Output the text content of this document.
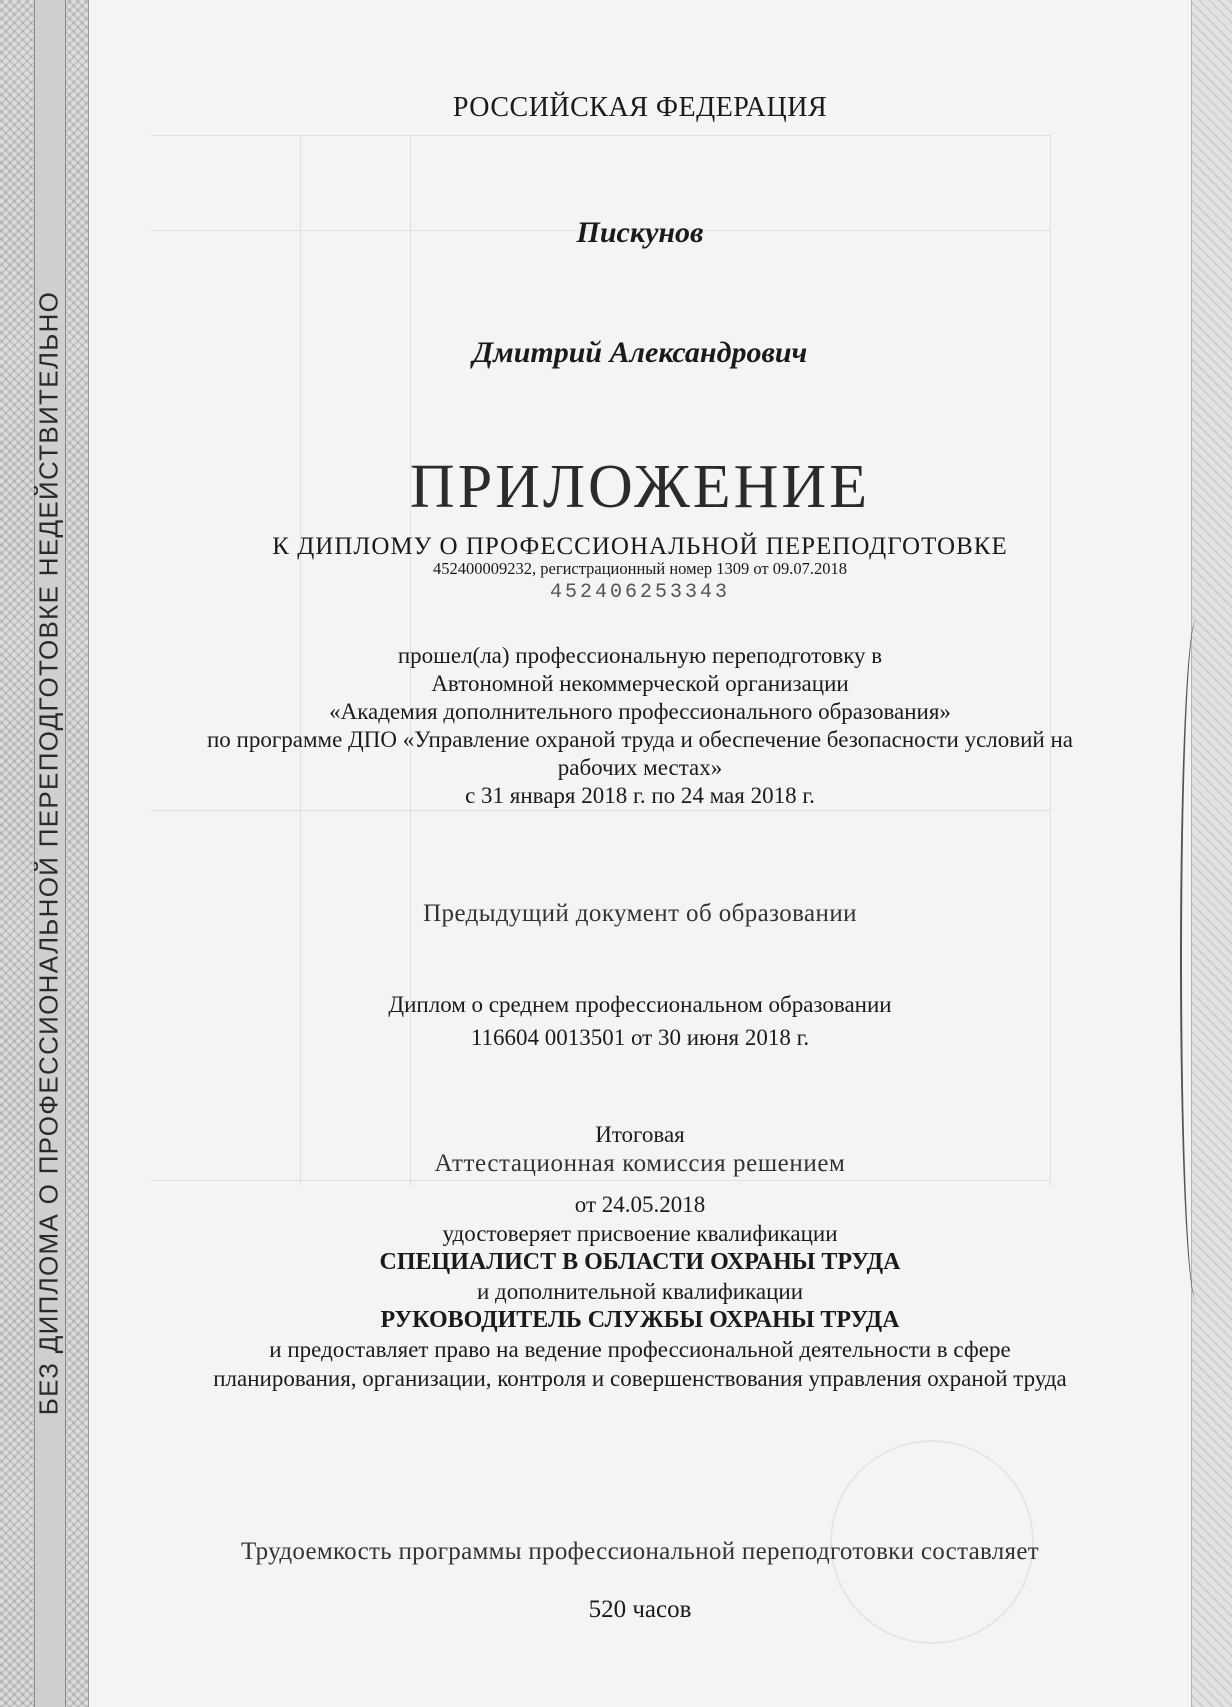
БЕЗ ДИПЛОМА О ПРОФЕССИОНАЛЬНОЙ ПЕРЕПОДГОТОВКЕ НЕДЕЙСТВИТЕЛЬНО
РОССИЙСКАЯ ФЕДЕРАЦИЯ
Пискунов
Дмитрий Александрович
ПРИЛОЖЕНИЕ
К ДИПЛОМУ О ПРОФЕССИОНАЛЬНОЙ ПЕРЕПОДГОТОВКЕ
452400009232, регистрационный номер 1309 от 09.07.2018
452406253343
прошел(ла) профессиональную переподготовку в
Автономной некоммерческой организации
«Академия дополнительного профессионального образования»
по программе ДПО «Управление охраной труда и обеспечение безопасности условий на
рабочих местах»
с 31 января 2018 г. по 24 мая 2018 г.
Предыдущий документ об образовании
Диплом о среднем профессиональном образовании
116604 0013501 от 30 июня 2018 г.
Итоговая
Аттестационная комиссия решением
от 24.05.2018
удостоверяет присвоение квалификации
СПЕЦИАЛИСТ В ОБЛАСТИ ОХРАНЫ ТРУДА
и дополнительной квалификации
РУКОВОДИТЕЛЬ СЛУЖБЫ ОХРАНЫ ТРУДА
и предоставляет право на ведение профессиональной деятельности в сфере
планирования, организации, контроля и совершенствования управления охраной труда
Трудоемкость программы профессиональной переподготовки составляет
520 часов
